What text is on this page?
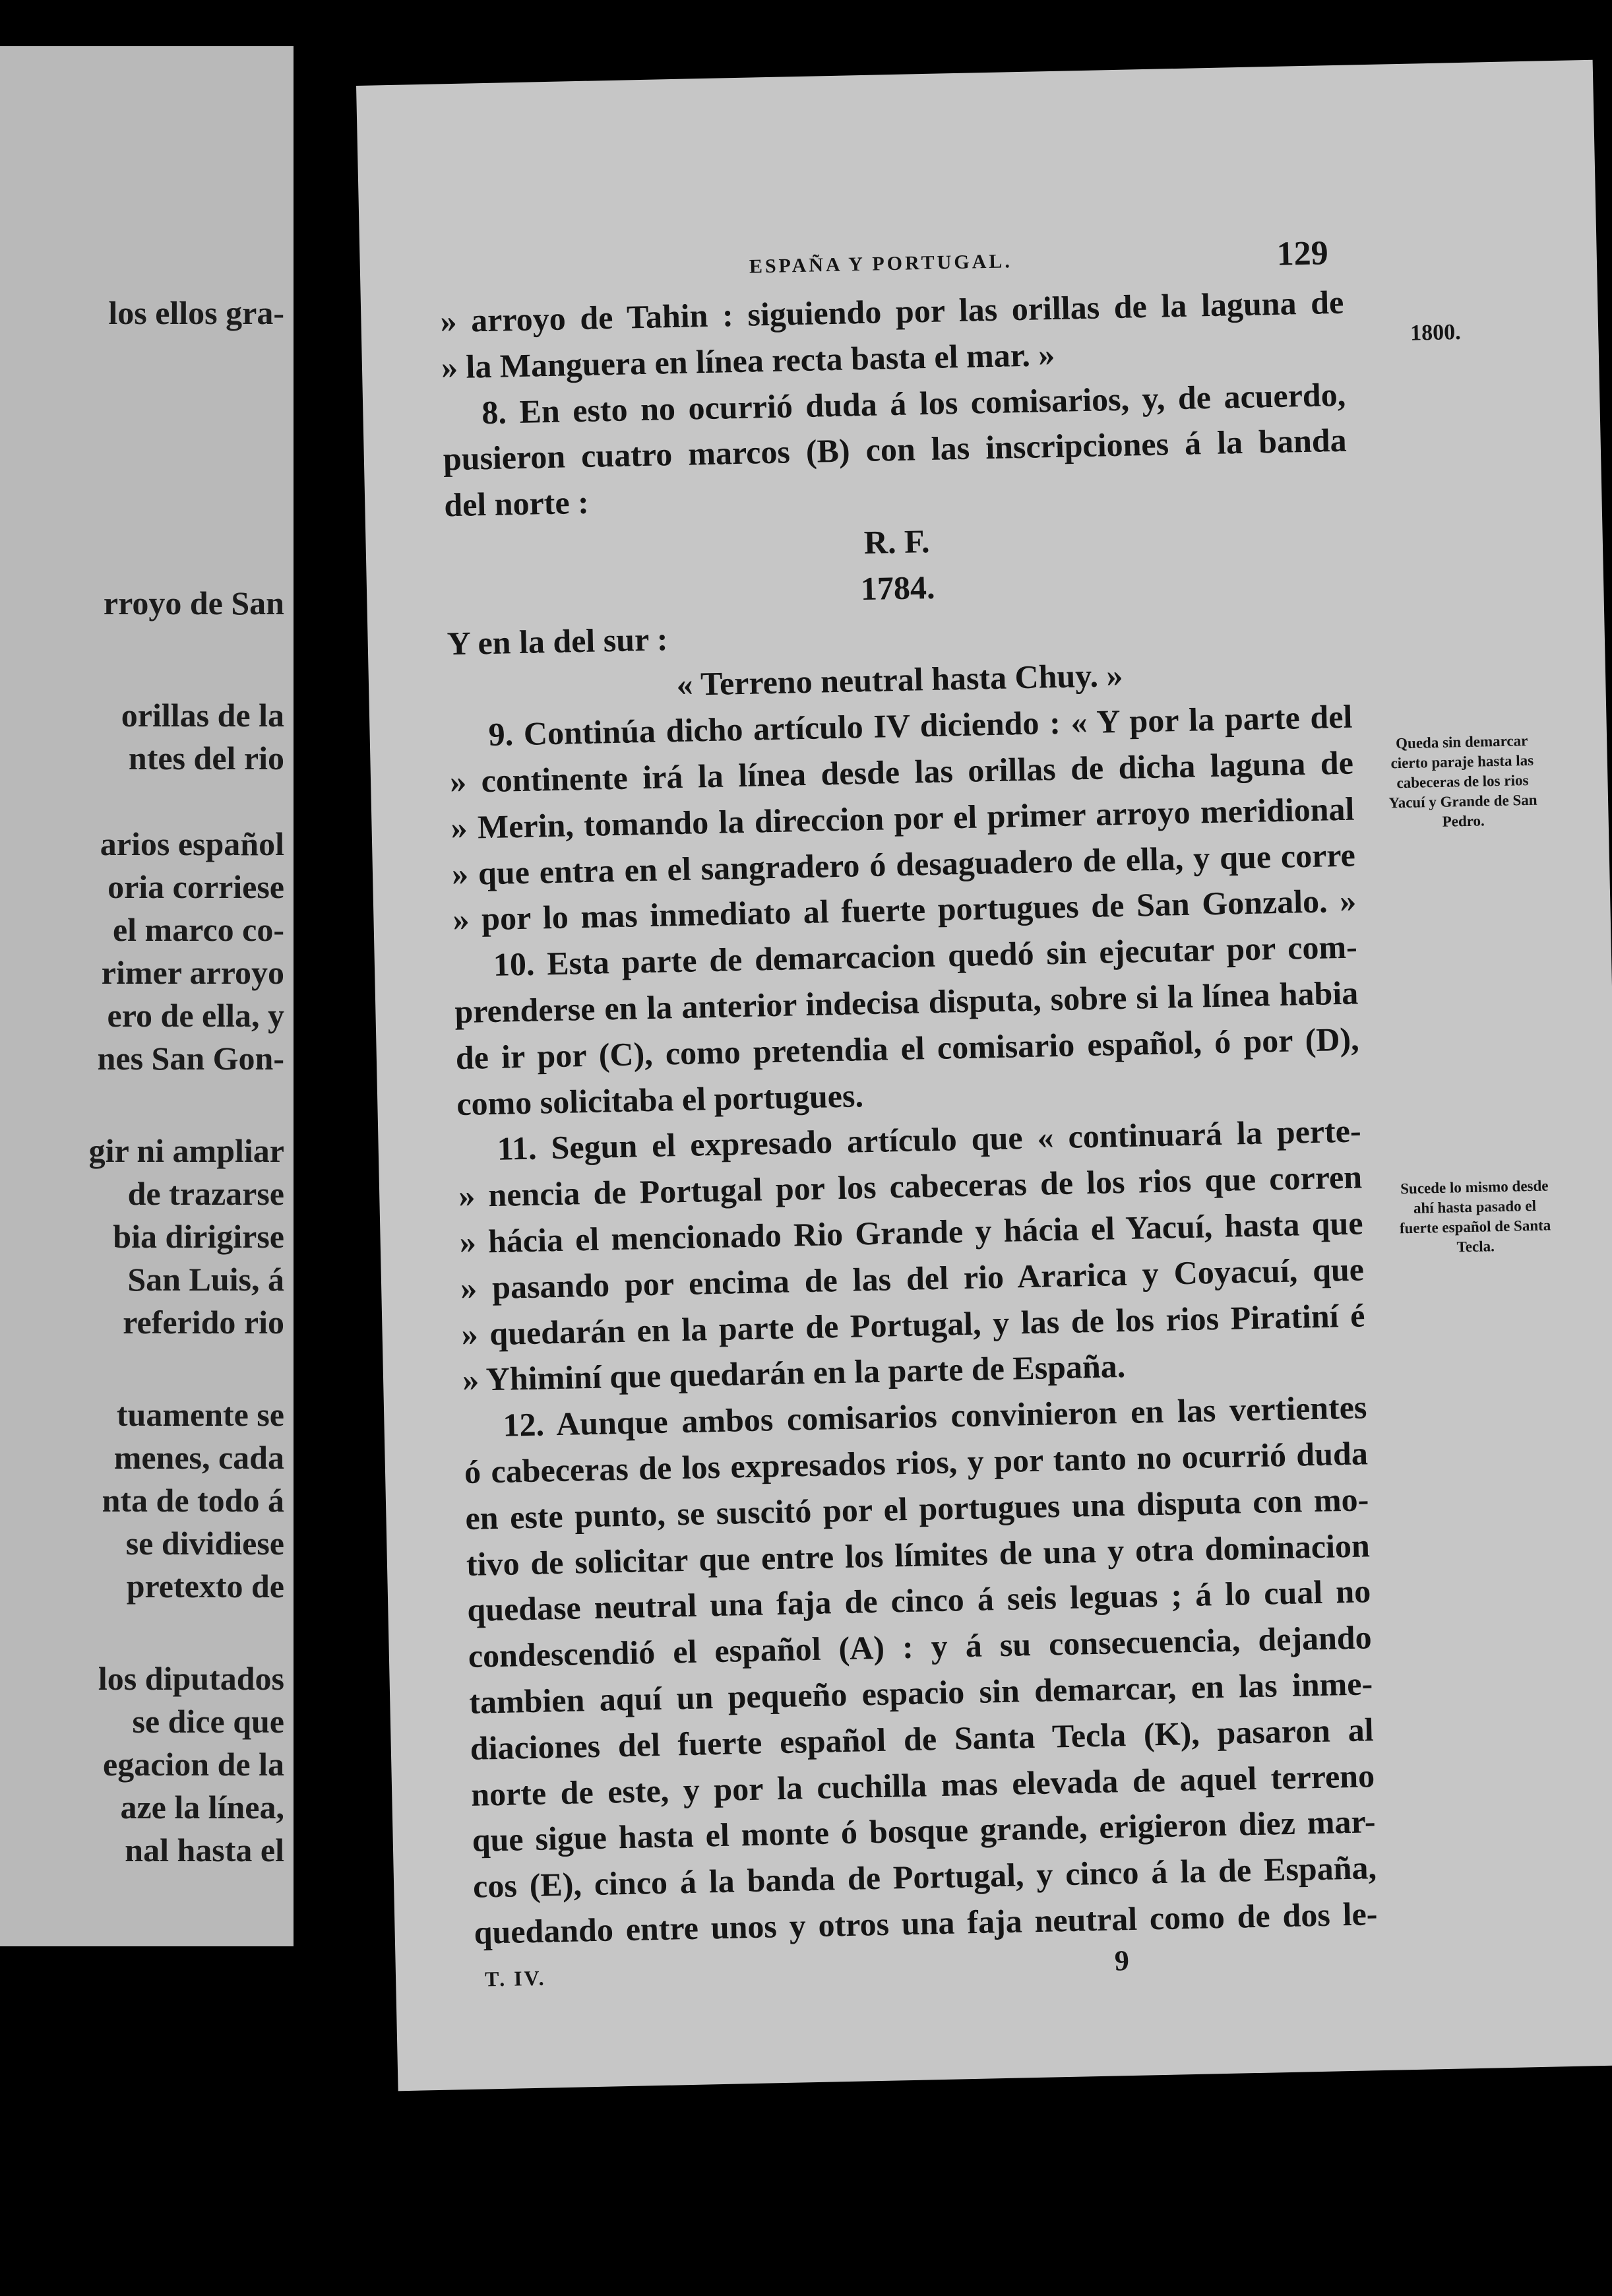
los ellos gra-
rroyo de San
orillas de la
ntes del rio
arios español
oria corriese
el marco co-
rimer arroyo
ero de ella, y
nes San Gon-
gir ni ampliar
de trazarse
bia dirigirse
San Luis, á
referido rio
tuamente se
menes, cada
nta de todo á
se dividiese
pretexto de
los diputados
se dice que
egacion de la
aze la línea,
nal hasta el
ESPAÑA Y PORTUGAL.	129
1800.
» arroyo de Tahin : siguiendo por las orillas de la laguna de
» la Manguera en línea recta basta el mar. »
8. En esto no ocurrió duda á los comisarios, y, de acuerdo,
pusieron cuatro marcos (B) con las inscripciones á la banda
del norte :
R. F.
1784.
Y en la del sur :
« Terreno neutral hasta Chuy. »
9. Continúa dicho artículo IV diciendo : « Y por la parte del
» continente irá la línea desde las orillas de dicha laguna de
» Merin, tomando la direccion por el primer arroyo meridional
» que entra en el sangradero ó desaguadero de ella, y que corre
» por lo mas inmediato al fuerte portugues de San Gonzalo. »
10. Esta parte de demarcacion quedó sin ejecutar por com-
prenderse en la anterior indecisa disputa, sobre si la línea habia
de ir por (C), como pretendia el comisario español, ó por (D),
como solicitaba el portugues.
11. Segun el expresado artículo que « continuará la perte-
» nencia de Portugal por los cabeceras de los rios que corren
» hácia el mencionado Rio Grande y hácia el Yacuí, hasta que
» pasando por encima de las del rio Ararica y Coyacuí, que
» quedarán en la parte de Portugal, y las de los rios Piratiní é
» Yhiminí que quedarán en la parte de España.
12. Aunque ambos comisarios convinieron en las vertientes
ó cabeceras de los expresados rios, y por tanto no ocurrió duda
en este punto, se suscitó por el portugues una disputa con mo-
tivo de solicitar que entre los límites de una y otra dominacion
quedase neutral una faja de cinco á seis leguas ; á lo cual no
condescendió el español (A) : y á su consecuencia, dejando
tambien aquí un pequeño espacio sin demarcar, en las inme-
diaciones del fuerte español de Santa Tecla (K), pasaron al
norte de este, y por la cuchilla mas elevada de aquel terreno
que sigue hasta el monte ó bosque grande, erigieron diez mar-
cos (E), cinco á la banda de Portugal, y cinco á la de España,
quedando entre unos y otros una faja neutral como de dos le-
Queda sin demarcar cierto paraje hasta las cabeceras de los rios Yacuí y Grande de San Pedro.
Sucede lo mismo desde ahí hasta pasado el fuerte español de Santa Tecla.
T. IV.
9
